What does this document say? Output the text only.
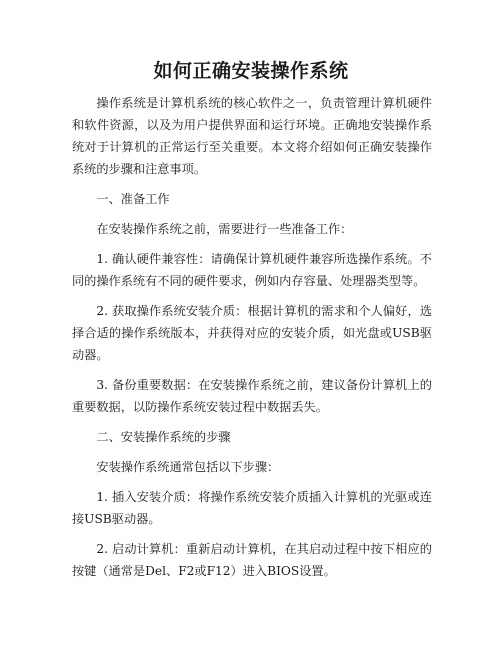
如何正确安装操作系统

操作系统是计算机系统的核心软件之一，负责管理计算机硬件和软件资源，以及为用户提供界面和运行环境。正确地安装操作系统对于计算机的正常运行至关重要。本文将介绍如何正确安装操作系统的步骤和注意事项。

一、准备工作

在安装操作系统之前，需要进行一些准备工作：

1. 确认硬件兼容性：请确保计算机硬件兼容所选操作系统。不同的操作系统有不同的硬件要求，例如内存容量、处理器类型等。

2. 获取操作系统安装介质：根据计算机的需求和个人偏好，选择合适的操作系统版本，并获得对应的安装介质，如光盘或USB驱动器。

3. 备份重要数据：在安装操作系统之前，建议备份计算机上的重要数据，以防操作系统安装过程中数据丢失。

二、安装操作系统的步骤

安装操作系统通常包括以下步骤：

1. 插入安装介质：将操作系统安装介质插入计算机的光驱或连接USB驱动器。

2. 启动计算机：重新启动计算机，在其启动过程中按下相应的按键（通常是Del、F2或F12）进入BIOS设置。
